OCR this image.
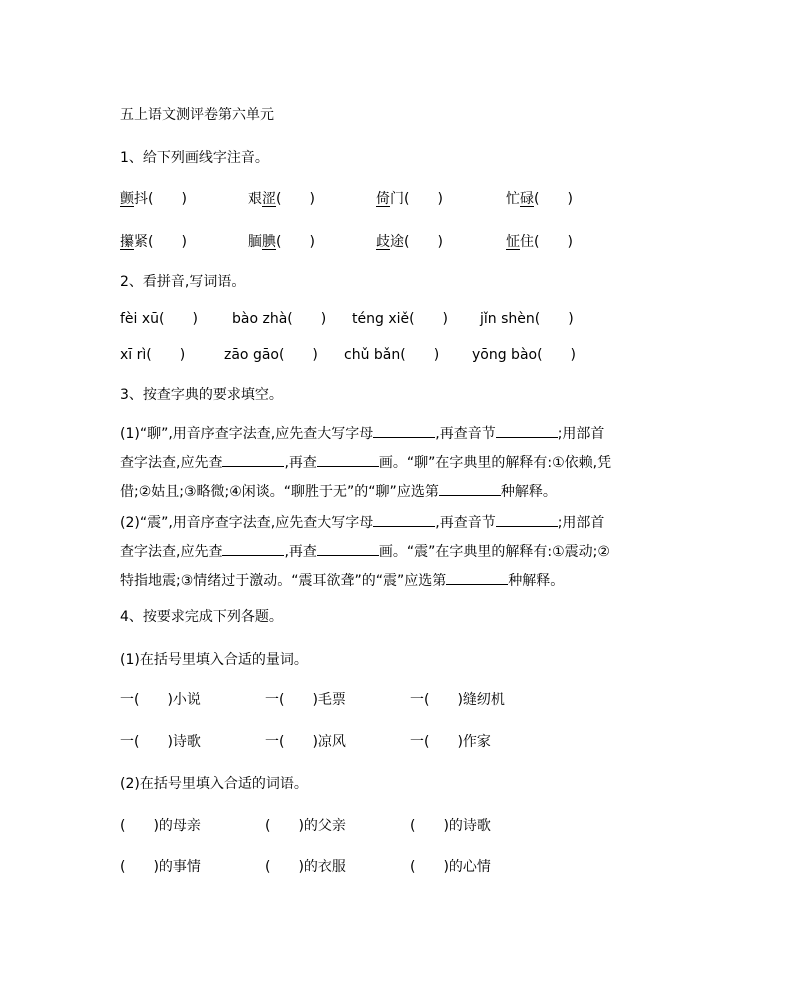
五上语文测评卷第六单元
1、给下列画线字注音。
颤抖(　　)	艰涩(　　)	倚门(　　)	忙碌(　　)
攥紧(　　)	腼腆(　　)	歧途(　　)	怔住(　　)
2、看拼音,写词语。
fèi xū(　　) bào zhà(　　) téng xiě(　　) jǐn shèn(　　)
xī rì(　　)	zāo gāo(　　) chǔ bǎn(　　) yōng bào(　　)
3、按查字典的要求填空。
(1)“聊”,用音序查字法查,应先查大写字母	,再查音节	;用部首
查字法查,应先查	,再查	画。“聊”在字典里的解释有:①依赖,凭
借;②姑且;③略微;④闲谈。“聊胜于无”的“聊”应选第	种解释。
(2)“震”,用音序查字法查,应先查大写字母	,再查音节	;用部首
查字法查,应先查	,再查	画。“震”在字典里的解释有:①震动;②
特指地震;③情绪过于激动。“震耳欲聋”的“震”应选第	种解释。
4、按要求完成下列各题。
(1)在括号里填入合适的量词。
一(　　)小说	一(　　)毛票	一(　　)缝纫机
一(　　)诗歌	一(　　)凉风	一(　　)作家
(2)在括号里填入合适的词语。
(　　)的母亲	(　　)的父亲	(　　)的诗歌
(　　)的事情	(　　)的衣服	(　　)的心情
